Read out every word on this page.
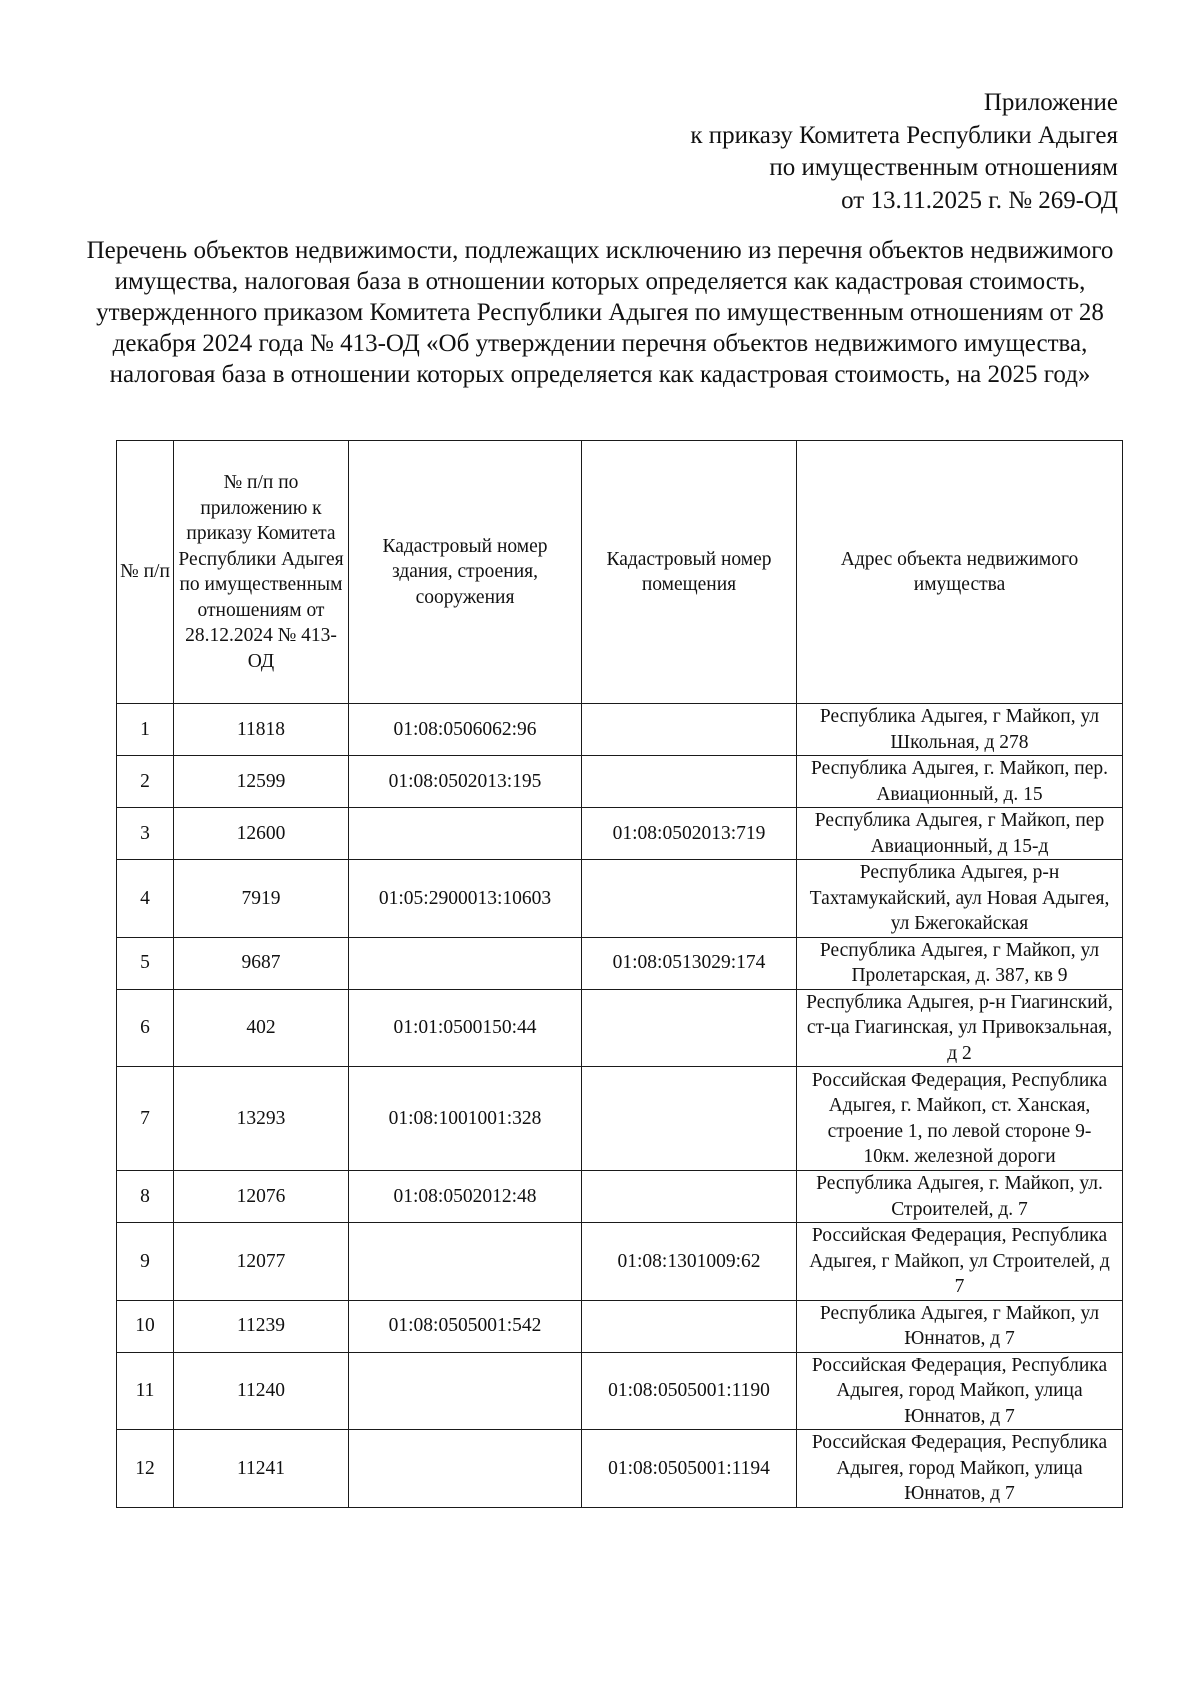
Приложение
к приказу Комитета Республики Адыгея
по имущественным отношениям
от 13.11.2025 г. № 269-ОД
Перечень объектов недвижимости, подлежащих исключению из перечня объектов недвижимого имущества, налоговая база в отношении которых определяется как кадастровая стоимость, утвержденного приказом Комитета Республики Адыгея по имущественным отношениям от 28 декабря 2024 года № 413-ОД «Об утверждении перечня объектов недвижимого имущества, налоговая база в отношении которых определяется как кадастровая стоимость, на 2025 год»
№ п/п	№ п/п по приложению к приказу Комитета Республики Адыгея по имущественным отношениям от 28.12.2024 № 413-ОД	Кадастровый номер здания, строения, сооружения	Кадастровый номер помещения	Адрес объекта недвижимого имущества
1	11818	01:08:0506062:96		Республика Адыгея, г Майкоп, ул Школьная, д 278
2	12599	01:08:0502013:195		Республика Адыгея, г. Майкоп, пер. Авиационный, д. 15
3	12600		01:08:0502013:719	Республика Адыгея, г Майкоп, пер Авиационный, д 15-д
4	7919	01:05:2900013:10603		Республика Адыгея, р-н Тахтамукайский, аул Новая Адыгея, ул Бжегокайская
5	9687		01:08:0513029:174	Республика Адыгея, г Майкоп, ул Пролетарская, д. 387, кв 9
6	402	01:01:0500150:44		Республика Адыгея, р-н Гиагинский, ст-ца Гиагинская, ул Привокзальная, д 2
7	13293	01:08:1001001:328		Российская Федерация, Республика Адыгея, г. Майкоп, ст. Ханская, строение 1, по левой стороне 9-10км. железной дороги
8	12076	01:08:0502012:48		Республика Адыгея, г. Майкоп, ул. Строителей, д. 7
9	12077		01:08:1301009:62	Российская Федерация, Республика Адыгея, г Майкоп, ул Строителей, д 7
10	11239	01:08:0505001:542		Республика Адыгея, г Майкоп, ул Юннатов, д 7
11	11240		01:08:0505001:1190	Российская Федерация, Республика Адыгея, город Майкоп, улица Юннатов, д 7
12	11241		01:08:0505001:1194	Российская Федерация, Республика Адыгея, город Майкоп, улица Юннатов, д 7
